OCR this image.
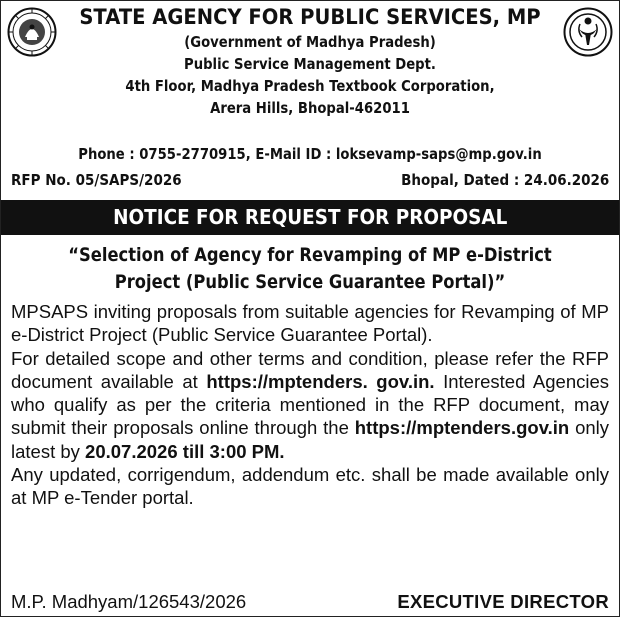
STATE AGENCY FOR PUBLIC SERVICES, MP
(Government of Madhya Pradesh)
Public Service Management Dept.
4th Floor, Madhya Pradesh Textbook Corporation,
Arera Hills, Bhopal-462011
Phone : 0755-2770915, E-Mail ID : loksevamp-saps@mp.gov.in
RFP No. 05/SAPS/2026	Bhopal, Dated : 24.06.2026
NOTICE FOR REQUEST FOR PROPOSAL
“Selection of Agency for Revamping of MP e-District
Project (Public Service Guarantee Portal)”

MPSAPS inviting proposals from suitable agencies for Revamping of MP e-District Project (Public Service Guarantee Portal).

For detailed scope and other terms and condition, please refer the RFP document available at https://mptenders. gov.in. Interested Agencies who qualify as per the criteria mentioned in the RFP document, may submit their proposals online through the https://mptenders.gov.in only latest by 20.07.2026 till 3:00 PM.

Any updated, corrigendum, addendum etc. shall be made available only at MP e-Tender portal.

M.P. Madhyam/126543/2026	EXECUTIVE DIRECTOR
